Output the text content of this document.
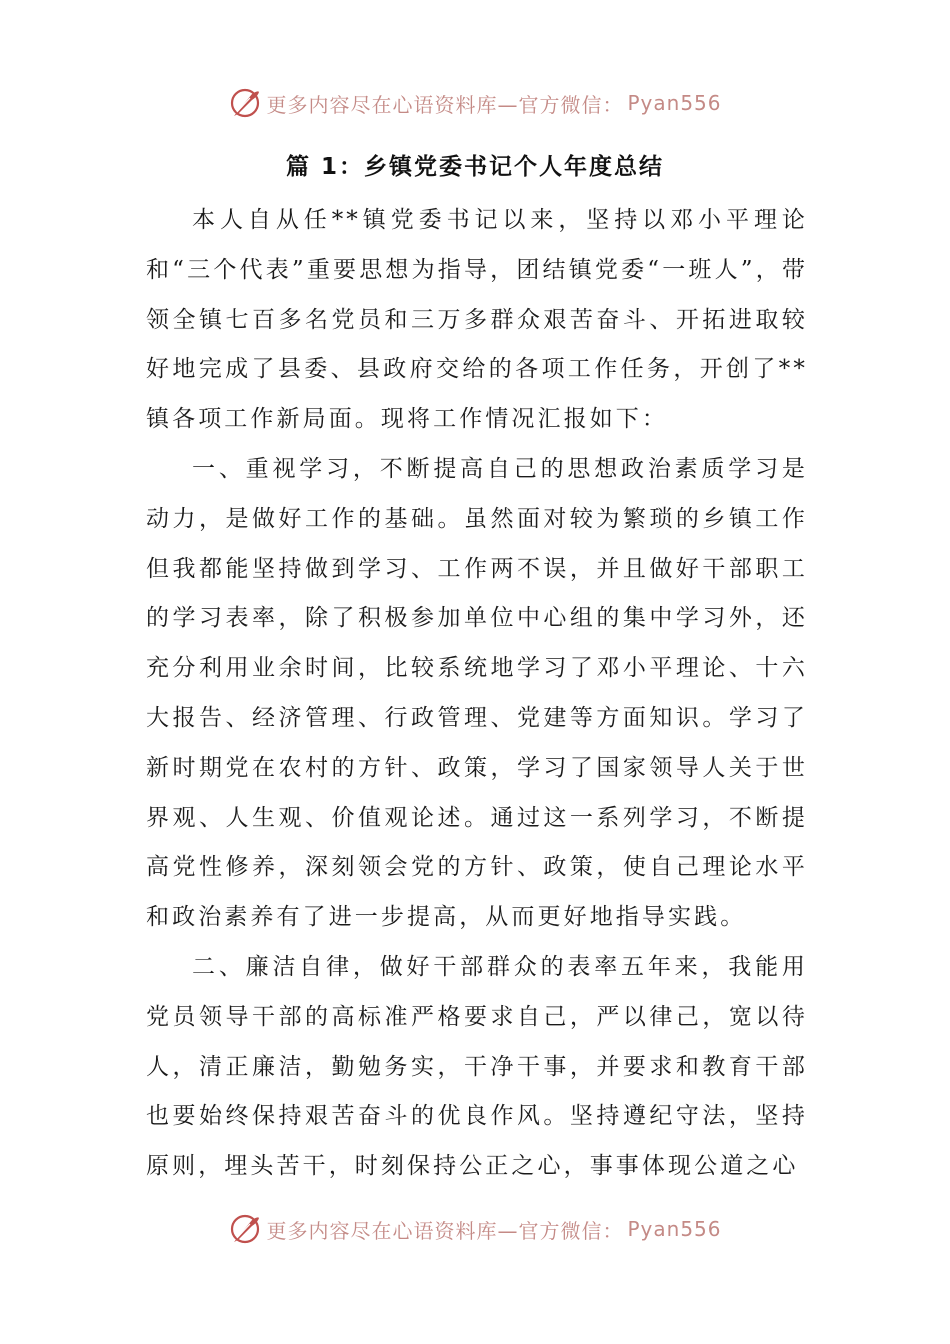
更多内容尽在心语资料库—官方微信： Pyan556
篇 1：乡镇党委书记个人年度总结

本人自从任**镇党委书记以来，坚持以邓小平理论和“三个代表”重要思想为指导，团结镇党委“一班人”，带领全镇七百多名党员和三万多群众艰苦奋斗、开拓进取较好地完成了县委、县政府交给的各项工作任务，开创了**镇各项工作新局面。现将工作情况汇报如下：

一、重视学习，不断提高自己的思想政治素质学习是动力，是做好工作的基础。虽然面对较为繁琐的乡镇工作但我都能坚持做到学习、工作两不误，并且做好干部职工的学习表率，除了积极参加单位中心组的集中学习外，还充分利用业余时间，比较系统地学习了邓小平理论、十六大报告、经济管理、行政管理、党建等方面知识。学习了新时期党在农村的方针、政策，学习了国家领导人关于世界观、人生观、价值观论述。通过这一系列学习，不断提高党性修养，深刻领会党的方针、政策，使自己理论水平和政治素养有了进一步提高，从而更好地指导实践。

二、廉洁自律，做好干部群众的表率五年来，我能用党员领导干部的高标准严格要求自己，严以律己，宽以待人，清正廉洁，勤勉务实，干净干事，并要求和教育干部也要始终保持艰苦奋斗的优良作风。坚持遵纪守法，坚持原则，埋头苦干，时刻保持公正之心，事事体现公道之心

更多内容尽在心语资料库—官方微信： Pyan556
